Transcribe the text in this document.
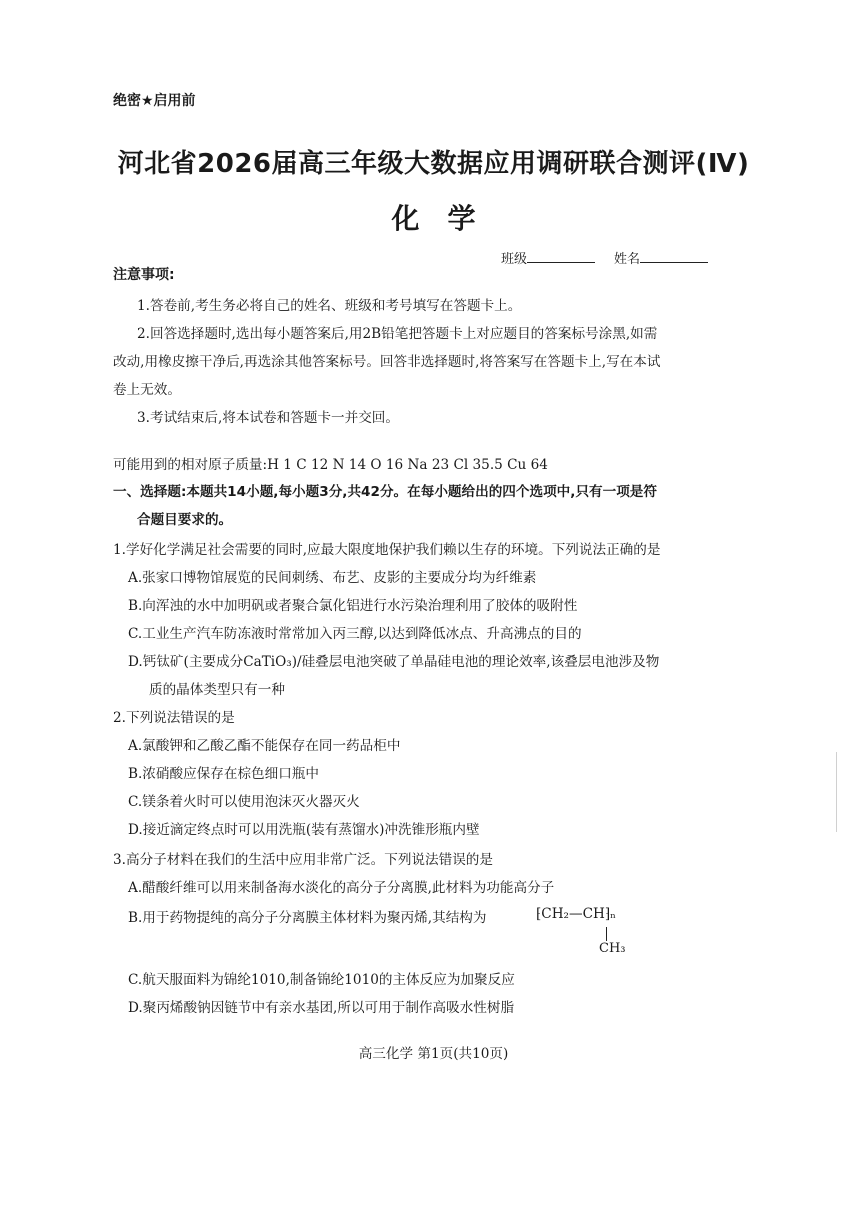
绝密★启用前
河北省2026届高三年级大数据应用调研联合测评(Ⅳ)
化学
班级	姓名
注意事项:
1.答卷前,考生务必将自己的姓名、班级和考号填写在答题卡上。
2.回答选择题时,选出每小题答案后,用2B铅笔把答题卡上对应题目的答案标号涂黑,如需
改动,用橡皮擦干净后,再选涂其他答案标号。回答非选择题时,将答案写在答题卡上,写在本试
卷上无效。
3.考试结束后,将本试卷和答题卡一并交回。
可能用到的相对原子质量:H 1 C 12 N 14 O 16 Na 23 Cl 35.5 Cu 64
一、选择题:本题共14小题,每小题3分,共42分。在每小题给出的四个选项中,只有一项是符
合题目要求的。
1.学好化学满足社会需要的同时,应最大限度地保护我们赖以生存的环境。下列说法正确的是
A.张家口博物馆展览的民间刺绣、布艺、皮影的主要成分均为纤维素
B.向浑浊的水中加明矾或者聚合氯化铝进行水污染治理利用了胶体的吸附性
C.工业生产汽车防冻液时常常加入丙三醇,以达到降低冰点、升高沸点的目的
D.钙钛矿(主要成分CaTiO₃)/硅叠层电池突破了单晶硅电池的理论效率,该叠层电池涉及物
质的晶体类型只有一种
2.下列说法错误的是
A.氯酸钾和乙酸乙酯不能保存在同一药品柜中
B.浓硝酸应保存在棕色细口瓶中
C.镁条着火时可以使用泡沫灭火器灭火
D.接近滴定终点时可以用洗瓶(装有蒸馏水)冲洗锥形瓶内壁
3.高分子材料在我们的生活中应用非常广泛。下列说法错误的是
A.醋酸纤维可以用来制备海水淡化的高分子分离膜,此材料为功能高分子
B.用于药物提纯的高分子分离膜主体材料为聚丙烯,其结构为	⁅CH₂—CH⁆ₙ
CH₃
C.航天服面料为锦纶1010,制备锦纶1010的主体反应为加聚反应
D.聚丙烯酸钠因链节中有亲水基团,所以可用于制作高吸水性树脂
高三化学 第1页(共10页)
